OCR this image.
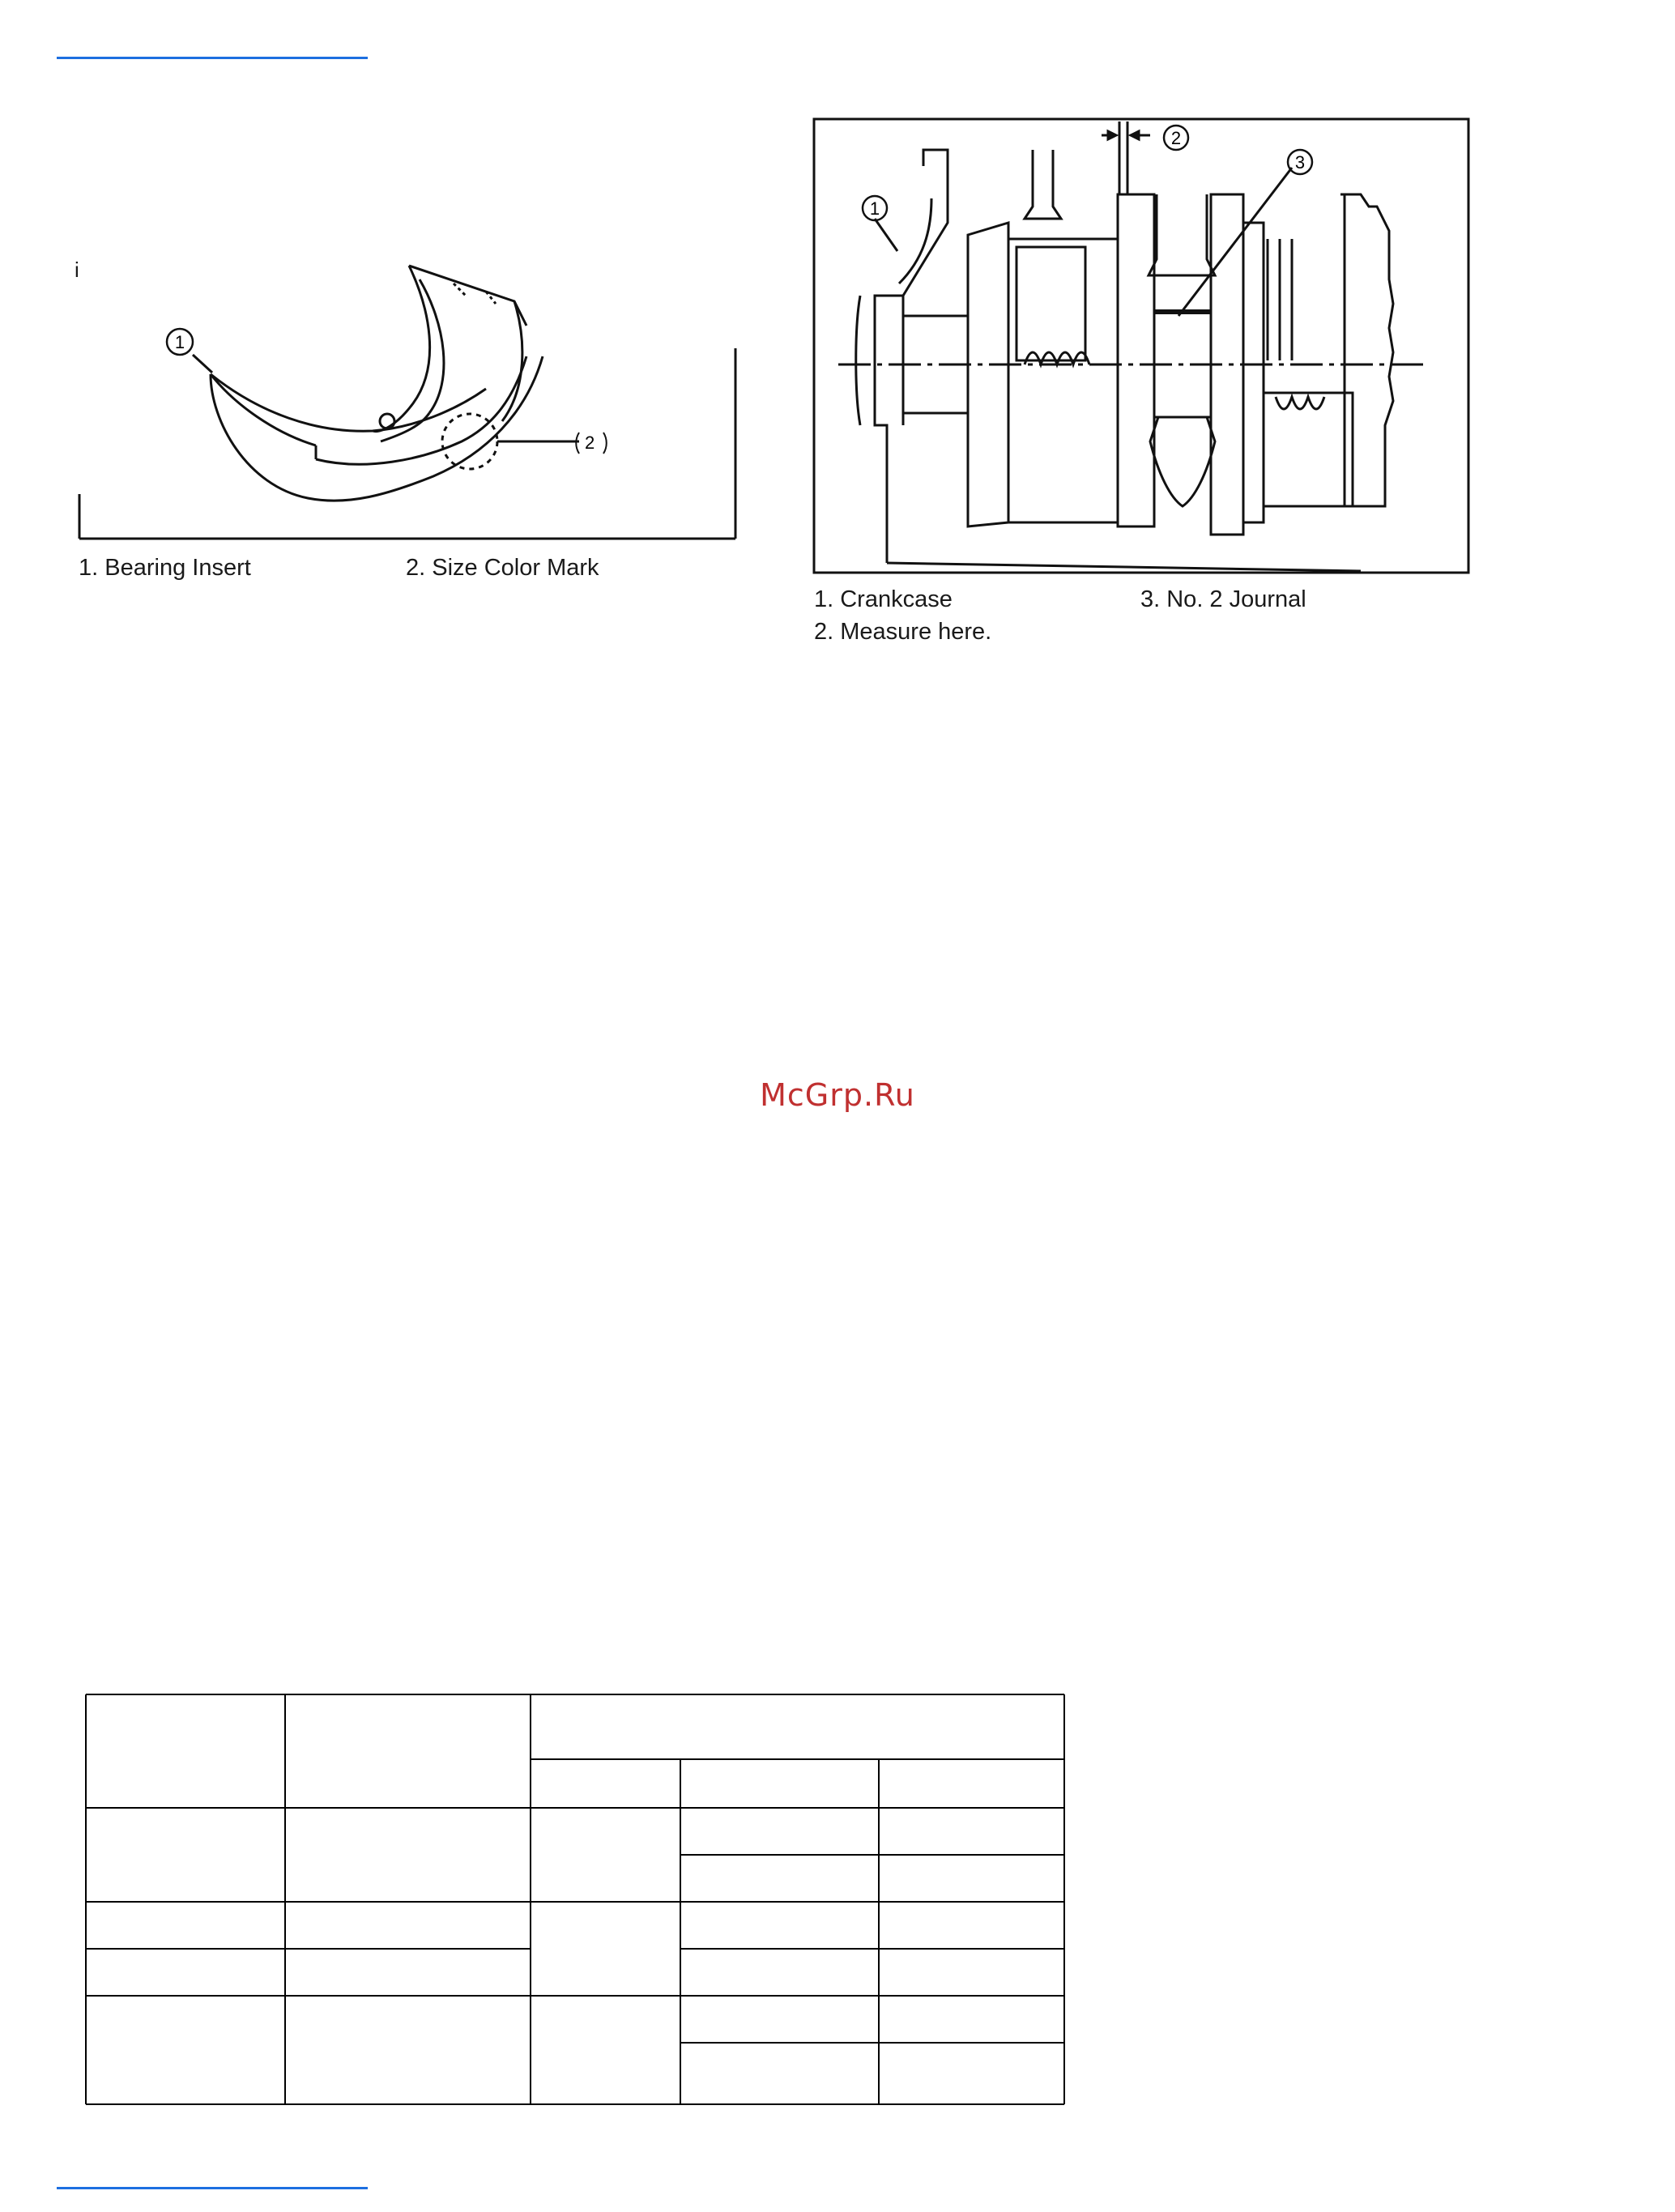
1
2
i
1. Bearing Insert	2. Size Color Mark
1
2
3
1. Crankcase
2. Measure here.
3. No. 2 Journal
McGrp.Ru
